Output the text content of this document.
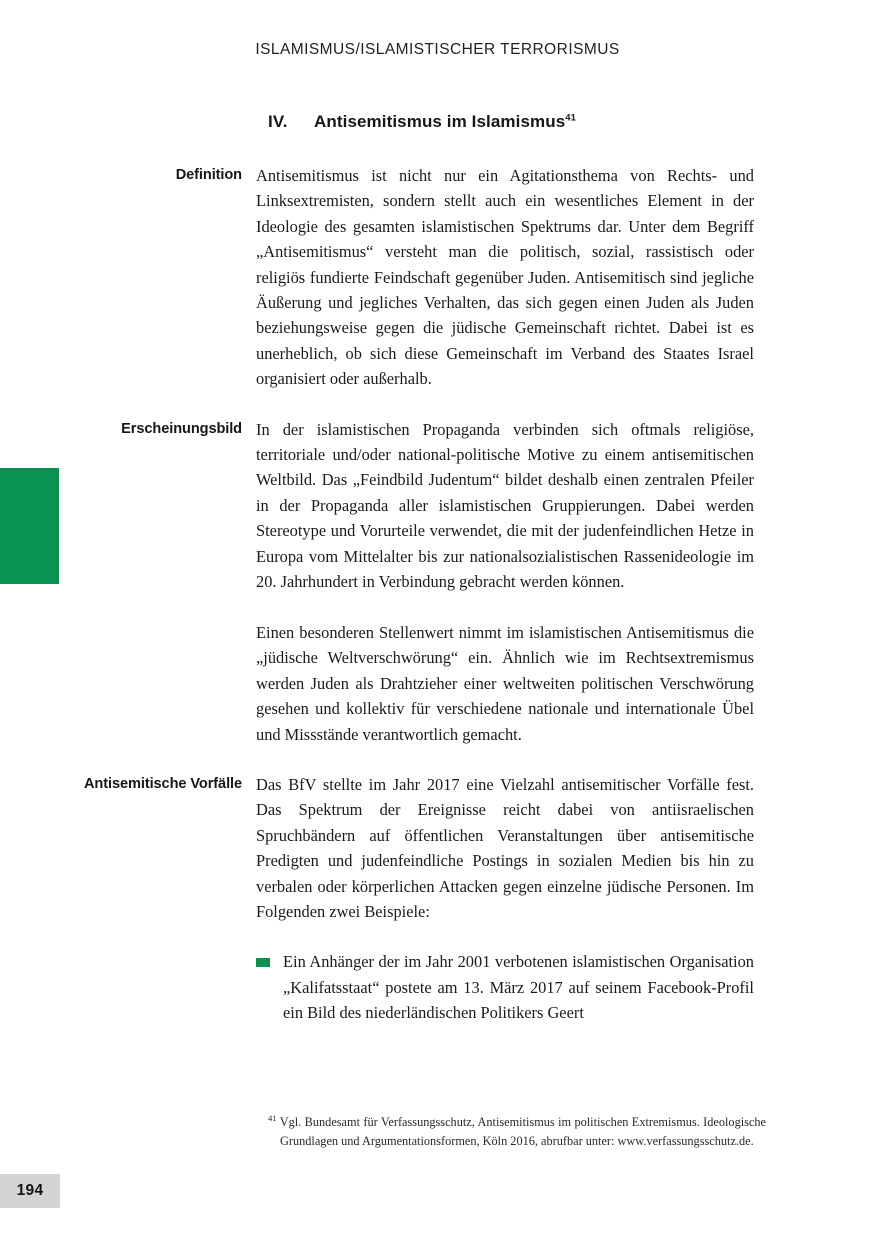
ISLAMISMUS/ISLAMISTISCHER TERRORISMUS
IV. Antisemitismus im Islamismus$^{41}$
Definition Antisemitismus ist nicht nur ein Agitationsthema von Rechts- und Linksextremisten, sondern stellt auch ein wesentliches Element in der Ideologie des gesamten islamistischen Spektrums dar. Unter dem Begriff „Antisemitismus“ versteht man die politisch, sozial, rassistisch oder religiös fundierte Feindschaft gegenüber Juden. Antisemitisch sind jegliche Äußerung und jegliches Verhalten, das sich gegen einen Juden als Juden beziehungsweise gegen die jüdische Gemeinschaft richtet. Dabei ist es unerheblich, ob sich diese Gemeinschaft im Verband des Staates Israel organisiert oder außerhalb.

Erscheinungsbild In der islamistischen Propaganda verbinden sich oftmals religiöse, territoriale und/oder national-politische Motive zu einem antisemitischen Weltbild. Das „Feindbild Judentum“ bildet deshalb einen zentralen Pfeiler in der Propaganda aller islamistischen Gruppierungen. Dabei werden Stereotype und Vorurteile verwendet, die mit der judenfeindlichen Hetze in Europa vom Mittelalter bis zur nationalsozialistischen Rassenideologie im 20. Jahrhundert in Verbindung gebracht werden können.

Einen besonderen Stellenwert nimmt im islamistischen Antisemitismus die „jüdische Weltverschwörung“ ein. Ähnlich wie im Rechtsextremismus werden Juden als Drahtzieher einer weltweiten politischen Verschwörung gesehen und kollektiv für verschiedene nationale und internationale Übel und Missstände verantwortlich gemacht.

Antisemitische Vorfälle Das BfV stellte im Jahr 2017 eine Vielzahl antisemitischer Vorfälle fest. Das Spektrum der Ereignisse reicht dabei von antiisraelischen Spruchbändern auf öffentlichen Veranstaltungen über antisemitische Predigten und judenfeindliche Postings in sozialen Medien bis hin zu verbalen oder körperlichen Attacken gegen einzelne jüdische Personen. Im Folgenden zwei Beispiele:

Ein Anhänger der im Jahr 2001 verbotenen islamistischen Organisation „Kalifatsstaat“ postete am 13. März 2017 auf seinem Facebook-Profil ein Bild des niederländischen Politikers Geert
$^{41}$ Vgl. Bundesamt für Verfassungsschutz, Antisemitismus im politischen Extremismus. Ideologische Grundlagen und Argumentationsformen, Köln 2016, abrufbar unter: www.verfassungsschutz.de.
194
